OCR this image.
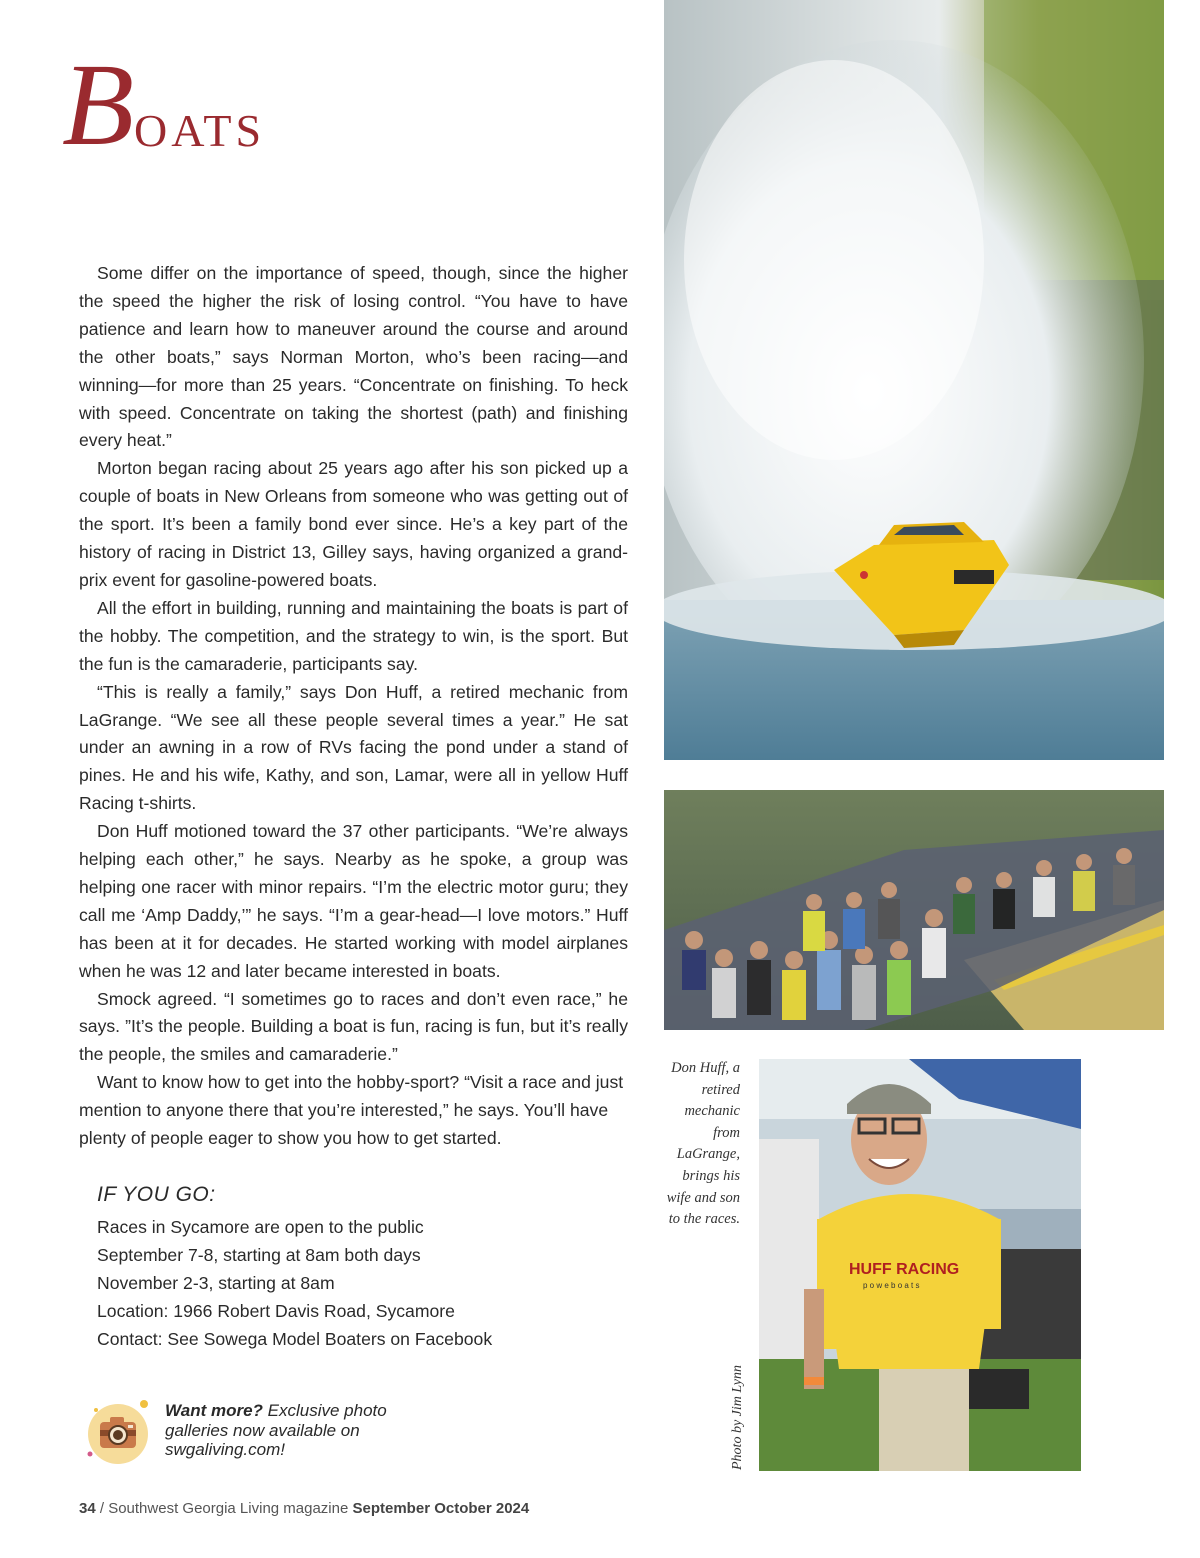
B OATS

Some differ on the importance of speed, though, since the higher the speed the higher the risk of losing control. “You have to have patience and learn how to maneuver around the course and around the other boats,” says Norman Morton, who’s been racing—and winning—for more than 25 years. “Concentrate on finishing. To heck with speed. Concentrate on taking the shortest (path) and finishing every heat.”

Morton began racing about 25 years ago after his son picked up a couple of boats in New Orleans from someone who was getting out of the sport. It’s been a family bond ever since. He’s a key part of the history of racing in District 13, Gilley says, having organized a grand-prix event for gasoline-powered boats.

All the effort in building, running and maintaining the boats is part of the hobby. The competition, and the strategy to win, is the sport. But the fun is the camaraderie, participants say.

“This is really a family,” says Don Huff, a retired mechanic from LaGrange. “We see all these people several times a year.” He sat under an awning in a row of RVs facing the pond under a stand of pines. He and his wife, Kathy, and son, Lamar, were all in yellow Huff Racing t-shirts.

Don Huff motioned toward the 37 other participants. “We’re always helping each other,” he says. Nearby as he spoke, a group was helping one racer with minor repairs. “I’m the electric motor guru; they call me ‘Amp Daddy,’” he says. “I’m a gear-head—I love motors.” Huff has been at it for decades. He started working with model airplanes when he was 12 and later became interested in boats.

Smock agreed. “I sometimes go to races and don’t even race,” he says. ”It’s the people. Building a boat is fun, racing is fun, but it’s really the people, the smiles and camaraderie.”

Want to know how to get into the hobby-sport? “Visit a race and just mention to anyone there that you’re interested,” he says. You’ll have plenty of people eager to show you how to get started.

IF YOU GO:
Races in Sycamore are open to the public
September 7-8, starting at 8am both days
November 2-3, starting at 8am
Location: 1966 Robert Davis Road, Sycamore
Contact: See Sowega Model Boaters on Facebook
Want more? Exclusive photo galleries now available on swgaliving.com!
34 / Southwest Georgia Living magazine September October 2024
Don Huff, a retired mechanic from LaGrange, brings his wife and son to the races.
HUFF RACING
p o w e b o a t s
Photo by Jim Lynn
